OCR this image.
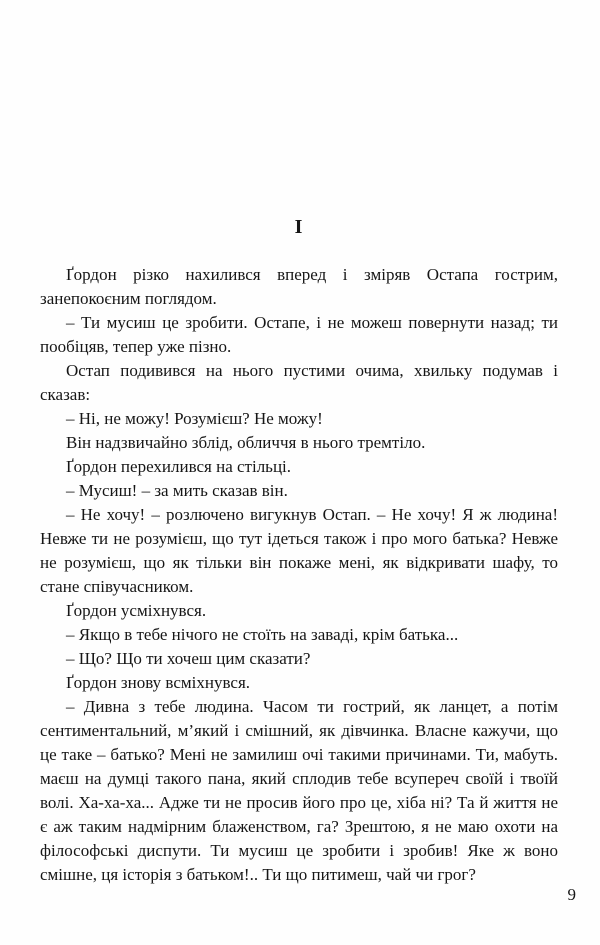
I

Ґордон різко нахилився вперед і зміряв Остапа гострим, занепокоєним поглядом.

– Ти мусиш це зробити. Остапе, і не можеш повернути назад; ти пообіцяв, тепер уже пізно.

Остап подивився на нього пустими очима, хвильку подумав і сказав:

– Ні, не можу! Розумієш? Не можу!

Він надзвичайно зблід, обличчя в нього тремтіло.

Ґордон перехилився на стільці.

– Мусиш! – за мить сказав він.

– Не хочу! – розлючено вигукнув Остап. – Не хочу! Я ж людина! Невже ти не розумієш, що тут ідеться також і про мого батька? Невже не розумієш, що як тільки він покаже мені, як відкривати шафу, то стане співучасником.

Ґордон усміхнувся.

– Якщо в тебе нічого не стоїть на заваді, крім батька...

– Що? Що ти хочеш цим сказати?

Ґордон знову всміхнувся.

– Дивна з тебе людина. Часом ти гострий, як ланцет, а потім сентиментальний, м’який і смішний, як дівчинка. Власне кажучи, що це таке – батько? Мені не замилиш очі такими причинами. Ти, мабуть. маєш на думці такого пана, який сплодив тебе всупереч своїй і твоїй волі. Ха-ха-ха... Адже ти не просив його про це, хіба ні? Та й життя не є аж таким надмірним блаженством, га? Зрештою, я не маю охоти на філософські диспути. Ти мусиш це зробити і зробив! Яке ж воно смішне, ця історія з батьком!.. Ти що питимеш, чай чи грог?

9
